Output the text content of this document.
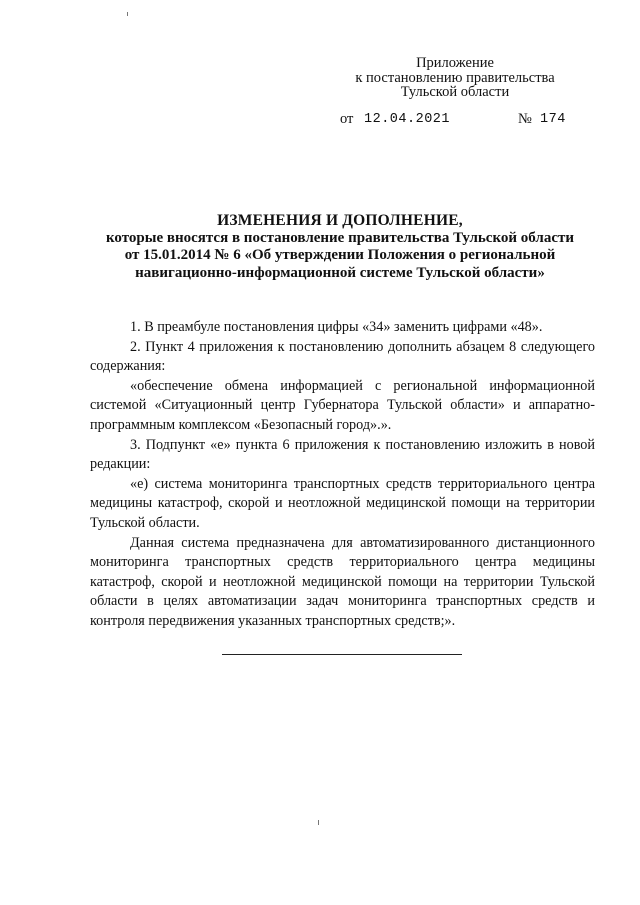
Приложение
к постановлению правительства
Тульской области
от 12.04.2021	№ 174
ИЗМЕНЕНИЯ И ДОПОЛНЕНИЕ,
которые вносятся в постановление правительства Тульской области
от 15.01.2014 № 6 «Об утверждении Положения о региональной
навигационно-информационной системе Тульской области»

1. В преамбуле постановления цифры «34» заменить цифрами «48».

2. Пункт 4 приложения к постановлению дополнить абзацем 8 следующего содержания:

«обеспечение обмена информацией с региональной информационной системой «Ситуационный центр Губернатора Тульской области» и аппаратно-программным комплексом «Безопасный город».».

3. Подпункт «е» пункта 6 приложения к постановлению изложить в новой редакции:

«е) система мониторинга транспортных средств территориального центра медицины катастроф, скорой и неотложной медицинской помощи на территории Тульской области.

Данная система предназначена для автоматизированного дистанционного мониторинга транспортных средств территориального центра медицины катастроф, скорой и неотложной медицинской помощи на территории Тульской области в целях автоматизации задач мониторинга транспортных средств и контроля передвижения указанных транспортных средств;».
